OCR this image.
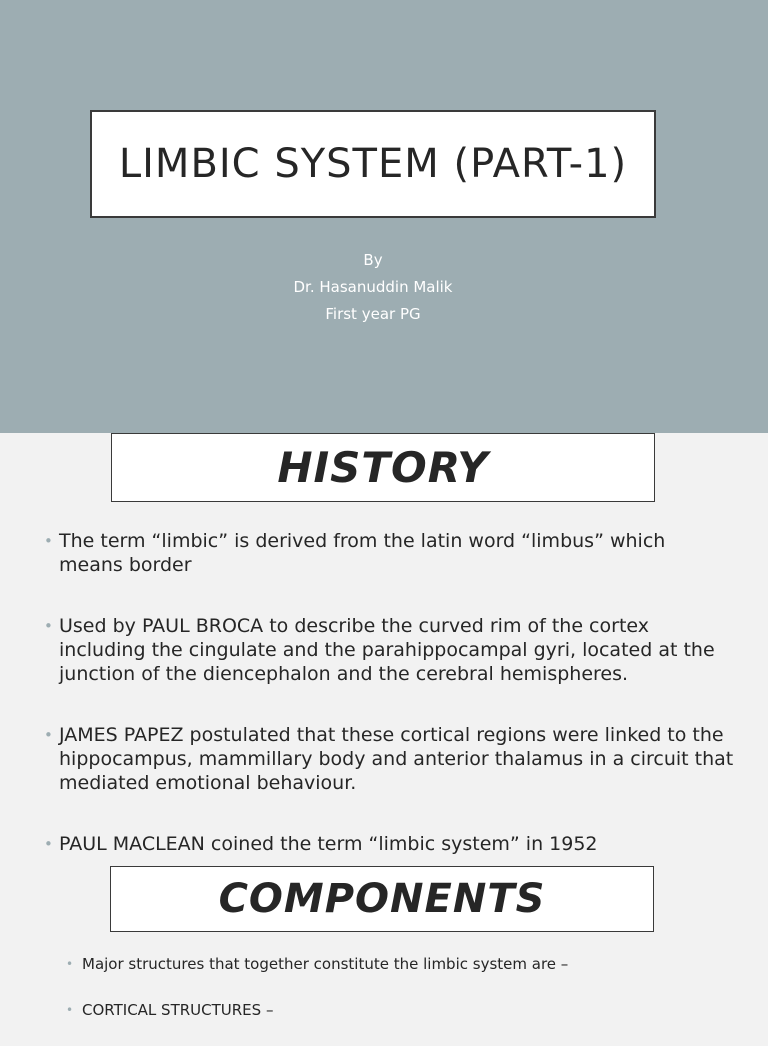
LIMBIC SYSTEM (PART-1)
By
Dr. Hasanuddin Malik
First year PG
HISTORY
• The term “limbic” is derived from the latin word “limbus” which means border
• Used by PAUL BROCA to describe the curved rim of the cortex including the cingulate and the parahippocampal gyri, located at the junction of the diencephalon and the cerebral hemispheres.
• JAMES PAPEZ postulated that these cortical regions were linked to the hippocampus, mammillary body and anterior thalamus in a circuit that mediated emotional behaviour.
• PAUL MACLEAN coined the term “limbic system” in 1952
COMPONENTS
• Major structures that together constitute the limbic system are –
• CORTICAL STRUCTURES –
